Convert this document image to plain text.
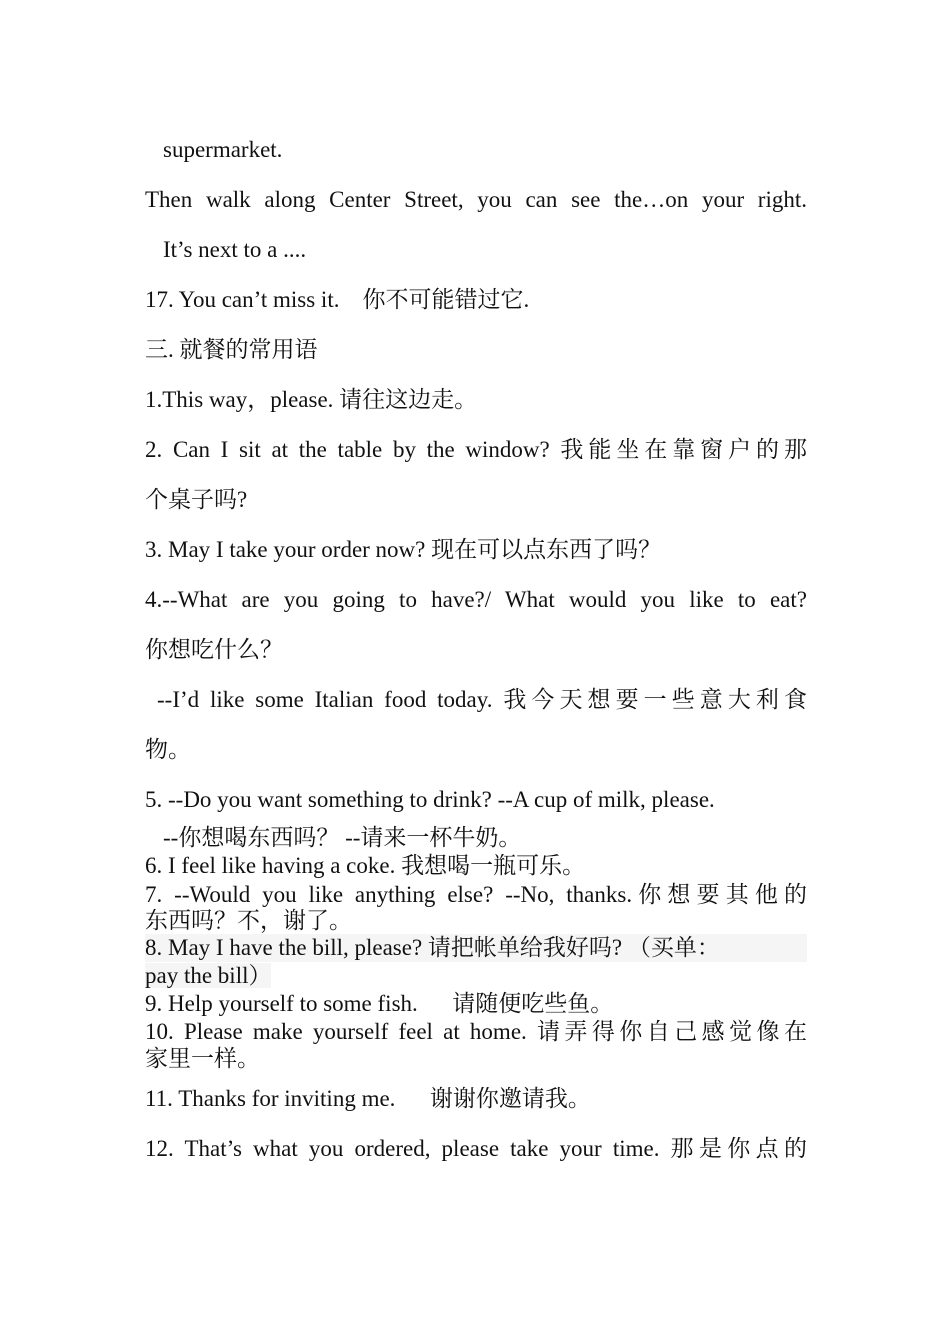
supermarket.

Then walk along Center Street, you can see the…on your right.

It’s next to a ....

17. You can’t miss it.    你不可能错过它.

三. 就餐的常用语

1.This way，please. 请往这边走。

2. Can I sit at the table by the window? 我能坐在靠窗户的那

个桌子吗?

3. May I take your order now? 现在可以点东西了吗？

4.--What are you going to have?/ What would you like to eat?

你想吃什么？

--I’d like some Italian food today. 我今天想要一些意大利食

物。

5. --Do you want something to drink? --A cup of milk, please.

--你想喝东西吗？ --请来一杯牛奶。

6. I feel like having a coke. 我想喝一瓶可乐。

7. --Would you like anything else? --No, thanks.你想要其他的

东西吗？不，谢了。

8. May I have the bill, please? 请把帐单给我好吗? （买单：

pay the bill）

9. Help yourself to some fish.      请随便吃些鱼。

10. Please make yourself feel at home. 请弄得你自己感觉像在

家里一样。

11. Thanks for inviting me.      谢谢你邀请我。

12. That’s what you ordered, please take your time. 那是你点的
